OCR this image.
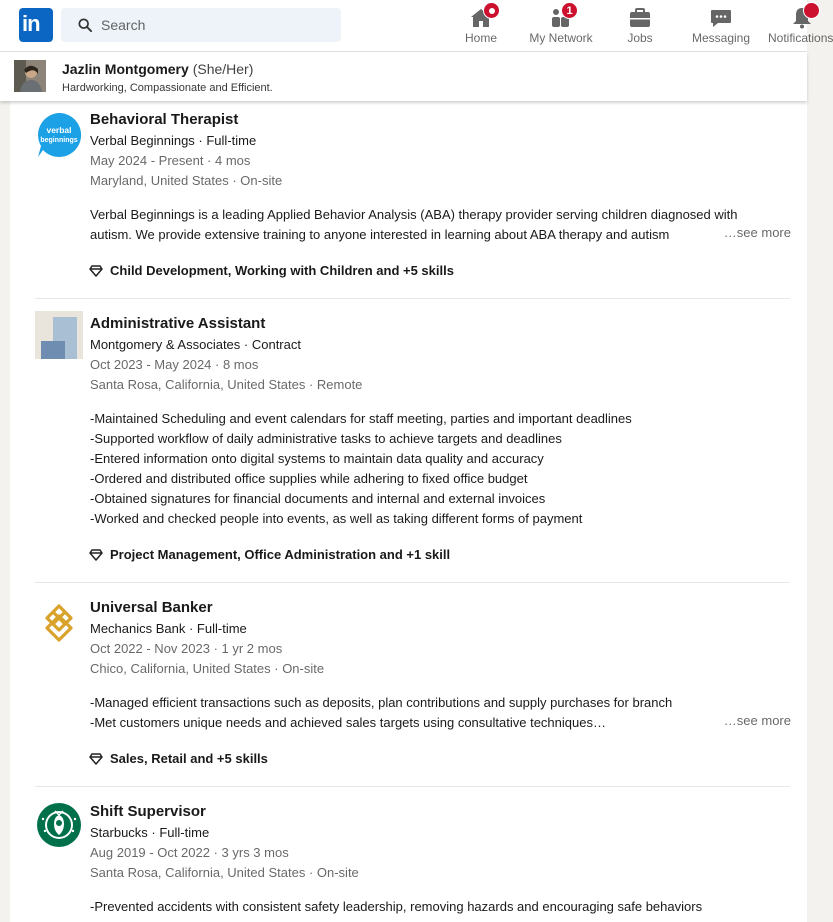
in
Search
Home
1
My Network	Jobs	Messaging	Notifications
Jazlin Montgomery (She/Her)
Hardworking, Compassionate and Efficient.
verbal
beginnings
Behavioral Therapist
Verbal Beginnings · Full-time
May 2024 - Present · 4 mos
Maryland, United States · On-site
Verbal Beginnings is a leading Applied Behavior Analysis (ABA) therapy provider serving children diagnosed with
autism. We provide extensive training to anyone interested in learning about ABA therapy and autism	…see more
Child Development, Working with Children and +5 skills
Administrative Assistant
Montgomery & Associates · Contract
Oct 2023 - May 2024 · 8 mos
Santa Rosa, California, United States · Remote
-Maintained Scheduling and event calendars for staff meeting, parties and important deadlines
-Supported workflow of daily administrative tasks to achieve targets and deadlines
-Entered information onto digital systems to maintain data quality and accuracy
-Ordered and distributed office supplies while adhering to fixed office budget
-Obtained signatures for financial documents and internal and external invoices
-Worked and checked people into events, as well as taking different forms of payment
Project Management, Office Administration and +1 skill
Universal Banker
Mechanics Bank · Full-time
Oct 2022 - Nov 2023 · 1 yr 2 mos
Chico, California, United States · On-site
-Managed efficient transactions such as deposits, plan contributions and supply purchases for branch
-Met customers unique needs and achieved sales targets using consultative techniques…	…see more
Sales, Retail and +5 skills
Shift Supervisor
Starbucks · Full-time
Aug 2019 - Oct 2022 · 3 yrs 3 mos
Santa Rosa, California, United States · On-site
-Prevented accidents with consistent safety leadership, removing hazards and encouraging safe behaviors
